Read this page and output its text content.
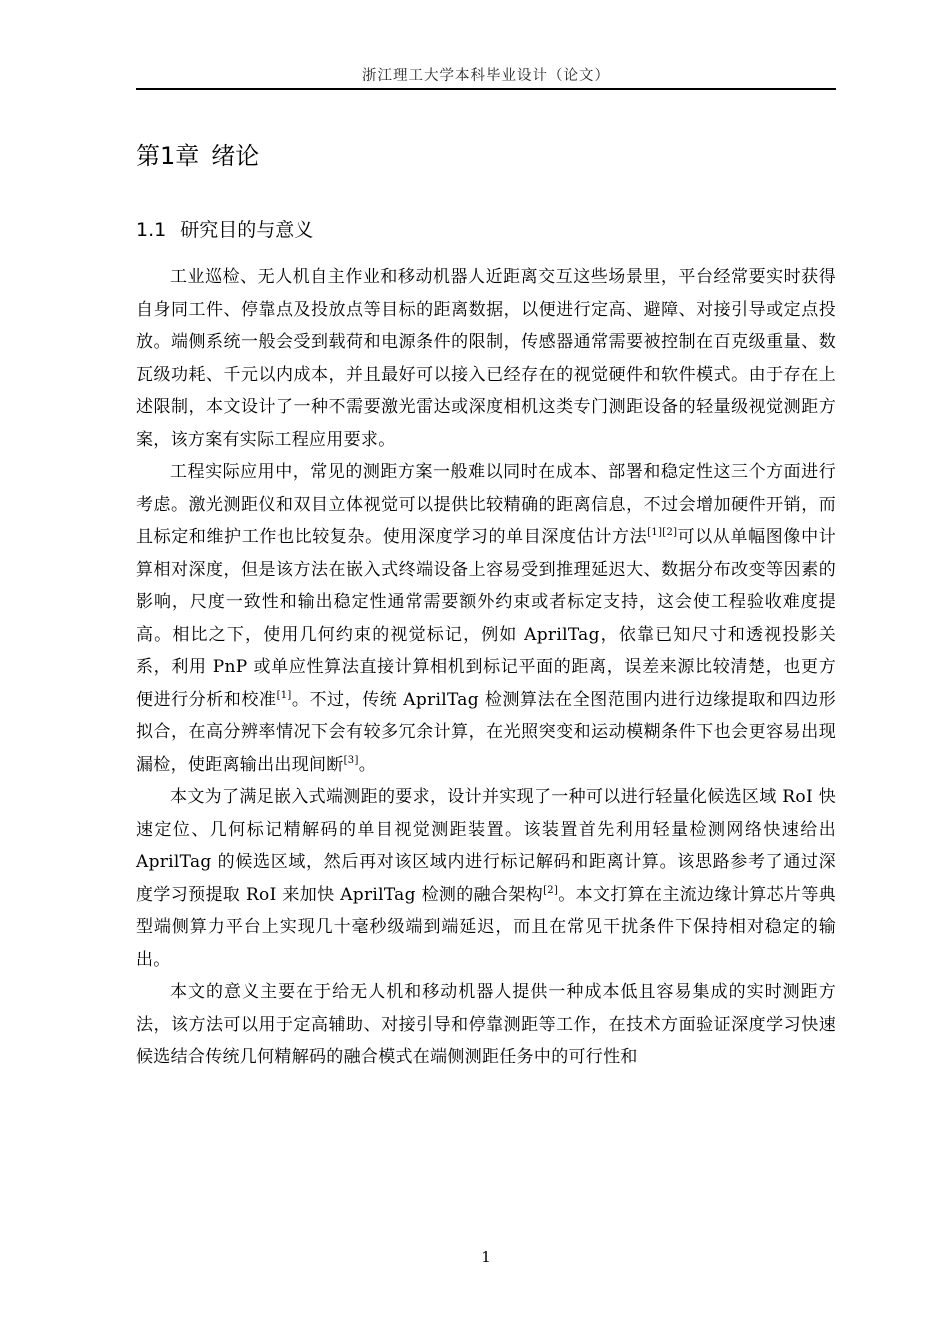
浙江理工大学本科毕业设计（论文）
第1章 绪论
1.1 研究目的与意义

工业巡检、无人机自主作业和移动机器人近距离交互这些场景里，平台经常要实时获得自身同工件、停靠点及投放点等目标的距离数据，以便进行定高、避障、对接引导或定点投放。端侧系统一般会受到载荷和电源条件的限制，传感器通常需要被控制在百克级重量、数瓦级功耗、千元以内成本，并且最好可以接入已经存在的视觉硬件和软件模式。由于存在上述限制，本文设计了一种不需要激光雷达或深度相机这类专门测距设备的轻量级视觉测距方案，该方案有实际工程应用要求。

工程实际应用中，常见的测距方案一般难以同时在成本、部署和稳定性这三个方面进行考虑。激光测距仪和双目立体视觉可以提供比较精确的距离信息，不过会增加硬件开销，而且标定和维护工作也比较复杂。使用深度学习的单目深度估计方法[1][2]可以从单幅图像中计算相对深度，但是该方法在嵌入式终端设备上容易受到推理延迟大、数据分布改变等因素的影响，尺度一致性和输出稳定性通常需要额外约束或者标定支持，这会使工程验收难度提高。相比之下，使用几何约束的视觉标记，例如 AprilTag，依靠已知尺寸和透视投影关系，利用 PnP 或单应性算法直接计算相机到标记平面的距离，误差来源比较清楚，也更方便进行分析和校准[1]。不过，传统 AprilTag 检测算法在全图范围内进行边缘提取和四边形拟合，在高分辨率情况下会有较多冗余计算，在光照突变和运动模糊条件下也会更容易出现漏检，使距离输出出现间断[3]。

本文为了满足嵌入式端测距的要求，设计并实现了一种可以进行轻量化候选区域 RoI 快速定位、几何标记精解码的单目视觉测距装置。该装置首先利用轻量检测网络快速给出 AprilTag 的候选区域，然后再对该区域内进行标记解码和距离计算。该思路参考了通过深度学习预提取 RoI 来加快 AprilTag 检测的融合架构[2]。本文打算在主流边缘计算芯片等典型端侧算力平台上实现几十毫秒级端到端延迟，而且在常见干扰条件下保持相对稳定的输出。

本文的意义主要在于给无人机和移动机器人提供一种成本低且容易集成的实时测距方法，该方法可以用于定高辅助、对接引导和停靠测距等工作，在技术方面验证深度学习快速候选结合传统几何精解码的融合模式在端侧测距任务中的可行性和

1
